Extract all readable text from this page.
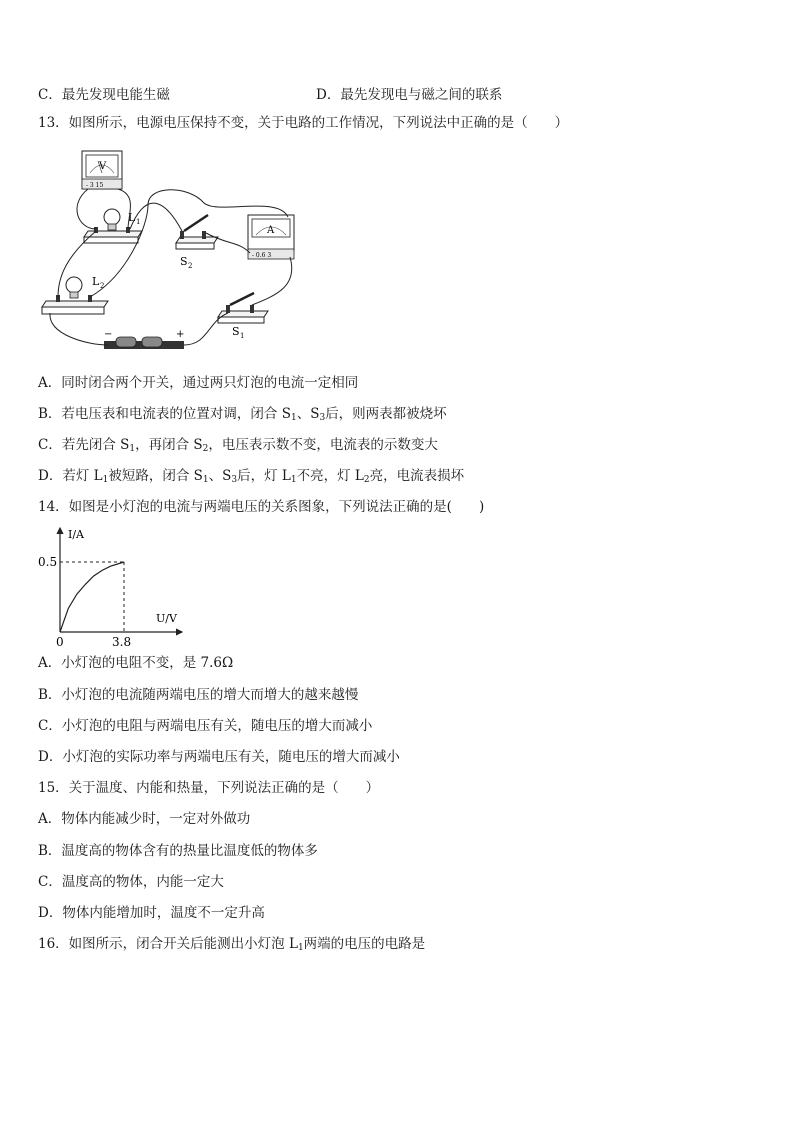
C．最先发现电能生磁	D．最先发现电与磁之间的联系
13．如图所示，电源电压保持不变，关于电路的工作情况，下列说法中正确的是（　　）
V
- 3 15
L 1
S 2
A
- 0.6 3
L 2
S 1
−	+
A．同时闭合两个开关，通过两只灯泡的电流一定相同
B．若电压表和电流表的位置对调，闭合 $S_1$、$S_3$后，则两表都被烧坏
C．若先闭合 $S_1$，再闭合 $S_2$，电压表示数不变，电流表的示数变大
D．若灯 $L_1$被短路，闭合 $S_1$、$S_3$后，灯 $L_1$不亮，灯 $L_2$亮，电流表损坏
14．如图是小灯泡的电流与两端电压的关系图象，下列说法正确的是(　　)
I/A
U/V
0.5
0	3.8
A．小灯泡的电阻不变，是 7.6Ω
B．小灯泡的电流随两端电压的增大而增大的越来越慢
C．小灯泡的电阻与两端电压有关，随电压的增大而减小
D．小灯泡的实际功率与两端电压有关，随电压的增大而减小
15．关于温度、内能和热量，下列说法正确的是（　　）
A．物体内能减少时，一定对外做功
B．温度高的物体含有的热量比温度低的物体多
C．温度高的物体，内能一定大
D．物体内能增加时，温度不一定升高
16．如图所示，闭合开关后能测出小灯泡 $L_1$两端的电压的电路是
